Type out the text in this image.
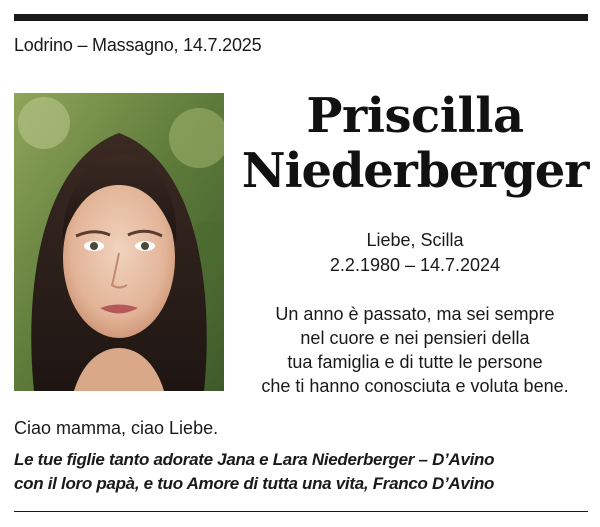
Lodrino – Massagno, 14.7.2025
Priscilla
Niederberger
Liebe, Scilla
2.2.1980 – 14.7.2024
Un anno è passato, ma sei sempre
nel cuore e nei pensieri della
tua famiglia e di tutte le persone
che ti hanno conosciuta e voluta bene.
Ciao mamma, ciao Liebe.
Le tue figlie tanto adorate Jana e Lara Niederberger – D’Avino
con il loro papà, e tuo Amore di tutta una vita, Franco D’Avino
